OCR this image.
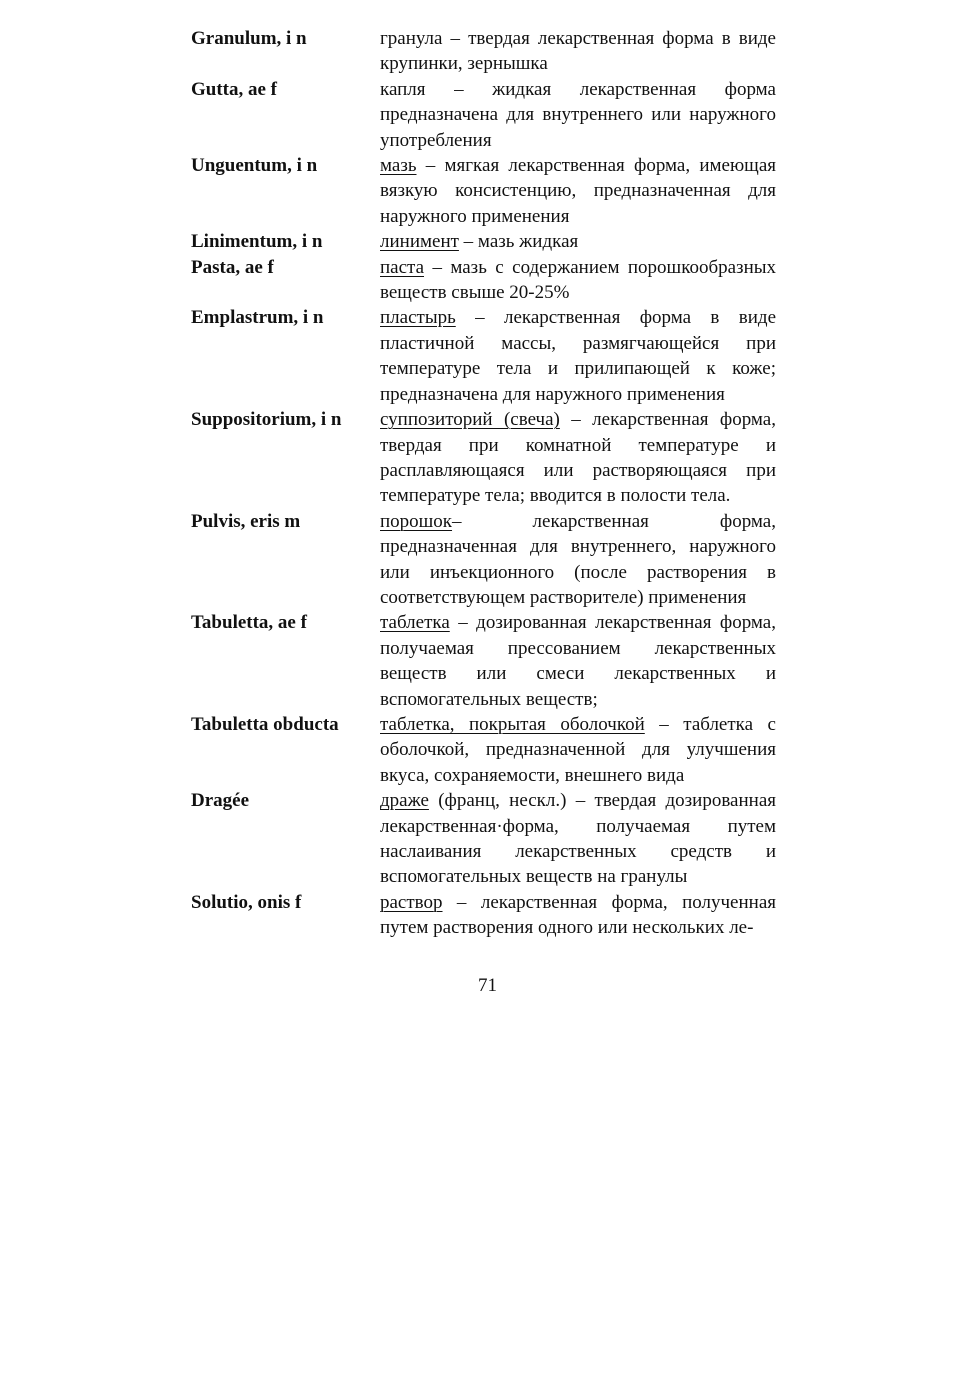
Granulum, i n	гранула – твердая лекарственная форма в виде крупинки, зернышка
Gutta, ae f	капля – жидкая лекарственная форма предназначена для внутреннего или наружного употребления
Unguentum, i n	мазь – мягкая лекарственная форма, имеющая вязкую консистенцию, предназначенная для наружного применения
Linimentum, i n	линимент – мазь жидкая
Pasta, ae f	паста – мазь с содержанием порошкообразных веществ свыше 20-25%
Emplastrum, i n	пластырь – лекарственная форма в виде пластичной массы, размягчающейся при температуре тела и прилипающей к коже; предназначена для наружного применения
Suppositorium, i n	суппозиторий (свеча) – лекарственная форма, твердая при комнатной температуре и расплавляющаяся или растворяющаяся при температуре тела; вводится в полости тела.
Pulvis, eris m	порошок– лекарственная форма, предназначенная для внутреннего, наружного или инъекционного (после растворения в соответствующем растворителе) применения
Tabuletta, ae f	таблетка – дозированная лекарственная форма, получаемая прессованием лекарственных веществ или смеси лекарственных и вспомогательных веществ;
Tabuletta obducta	таблетка, покрытая оболочкой – таблетка с оболочкой, предназначенной для улучшения вкуса, сохраняемости, внешнего вида
Dragée	драже (франц, нескл.) – твердая дозированная лекарственная·форма, получаемая путем наслаивания лекарственных средств и вспомогательных веществ на гранулы
Solutio, onis f	раствор – лекарственная форма, полученная путем растворения одного или нескольких ле-
71
